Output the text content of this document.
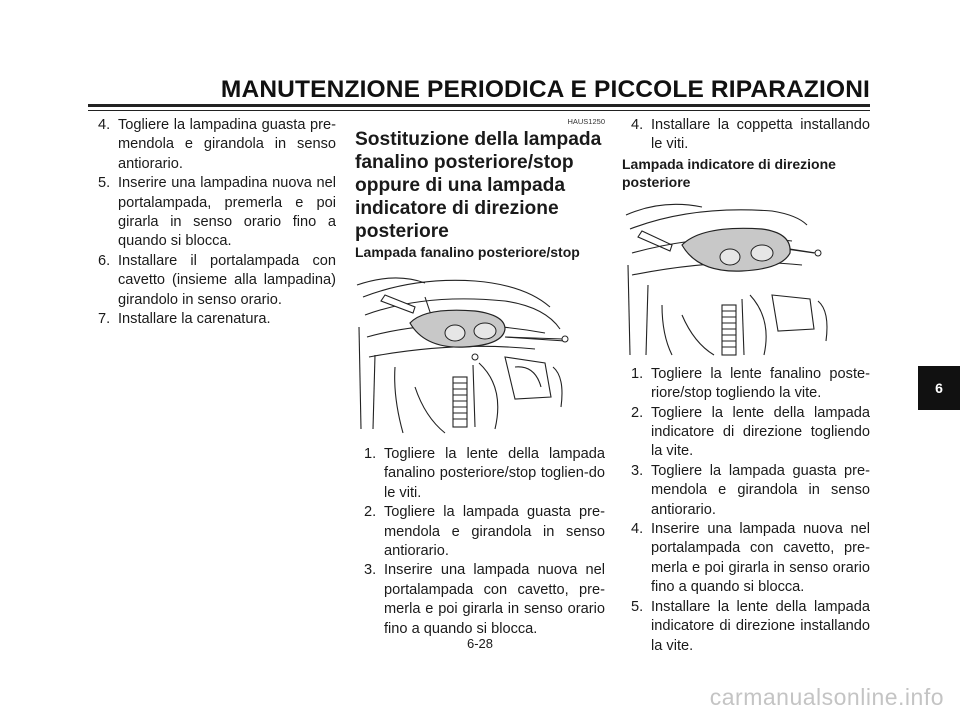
MANUTENZIONE PERIODICA E PICCOLE RIPARAZIONI
4. Togliere la lampadina guasta pre-mendola e girandola in senso antiorario.
5. Inserire una lampadina nuova nel portalampada, premerla e poi girarla in senso orario fino a quando si blocca.
6. Installare il portalampada con cavetto (insieme alla lampadina) girandolo in senso orario.
7. Installare la carenatura.
HAUS1250
Sostituzione della lampada fanalino posteriore/stop oppure di una lampada indicatore di direzione posteriore
Lampada fanalino posteriore/stop
1. Togliere la lente della lampada fanalino posteriore/stop toglien-do le viti.
2. Togliere la lampada guasta pre-mendola e girandola in senso antiorario.
3. Inserire una lampada nuova nel portalampada con cavetto, pre-merla e poi girarla in senso orario fino a quando si blocca.
4. Installare la coppetta installando le viti.
Lampada indicatore di direzione posteriore
1. Togliere la lente fanalino poste-riore/stop togliendo la vite.
2. Togliere la lente della lampada indicatore di direzione togliendo la vite.
3. Togliere la lampada guasta pre-mendola e girandola in senso antiorario.
4. Inserire una lampada nuova nel portalampada con cavetto, pre-merla e poi girarla in senso orario fino a quando si blocca.
5. Installare la lente della lampada indicatore di direzione installando la vite.
6
6-28
carmanualsonline.info
